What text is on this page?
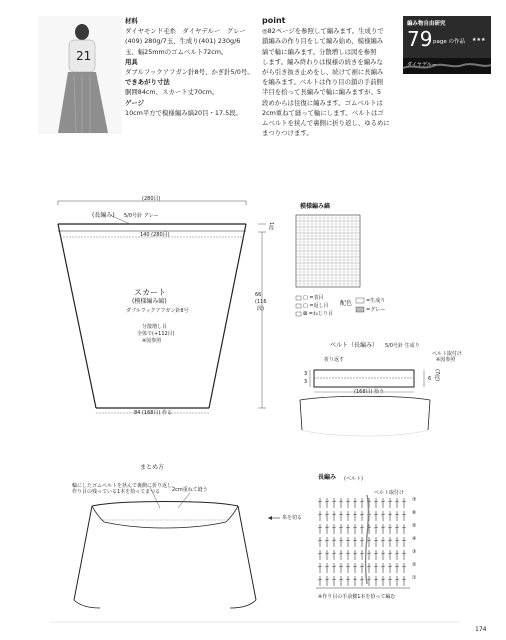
21
材料
ダイヤモンド毛糸　ダイヤデルー　グレー
(409) 280g/7玉、生成り(401) 230g/6
玉、幅25mmのゴムベルト72cm。
用具
ダブルフックアフガン針8号、かぎ針5/0号。
できあがり寸法
胴囲84cm、スカート丈70cm。
ゲージ
10cm平方で模様編み縞20目・17.5段。
point
◎82ページを参照して編みます。生成りで
鎖編みの作り目をして編み始め、模様編み
縞で輪に編みます。分散増しは図を参照
します。編み終わりは模様の続きを編みな
がら引き抜き止めをし、続けて裾に長編み
を編みます。ベルトは作り目の鎖の手前側
半目を拾って長編みで輪に編みますが、5
段めからは往復に編みます。ゴムベルトは
2cm重ねて縫って輪にします。ベルトはゴ
ムベルトを挟んで裏側に折り返し、ゆるめに
まつりつけます。
編み物自由研究
79 page の作品 ★★★
ダイヤデルー
(280目)
(長編み) 5/0号針 グレー
1段
140 (280目)
スカート
(模様編み縞)
ダブルフックアフガン針8号
分散増し目
全体で(+112目)
※図参照
66
(116
段)
84 (168目) 作る
模様編み縞
□ =表目
□ =返し目
⊠ =ねじり目
配色	=生成り
=グレー
ベルト（長編み） 5/0号針 生成り
折り返す
ベルト取付け
※図参照
3
3	6 (7段)
(168目) 拾う
まとめ方
輪にしたゴムベルトを挟んで裏側に折り返し、
作り目の残っている1本を拾ってまつる 2cm重ねて縫う
長編み (ベルト)
ベルト取付け
糸を切る
※作り目の手前側1本を拾って編む
⑦
⑥
⑤
④
③
②
①
174
